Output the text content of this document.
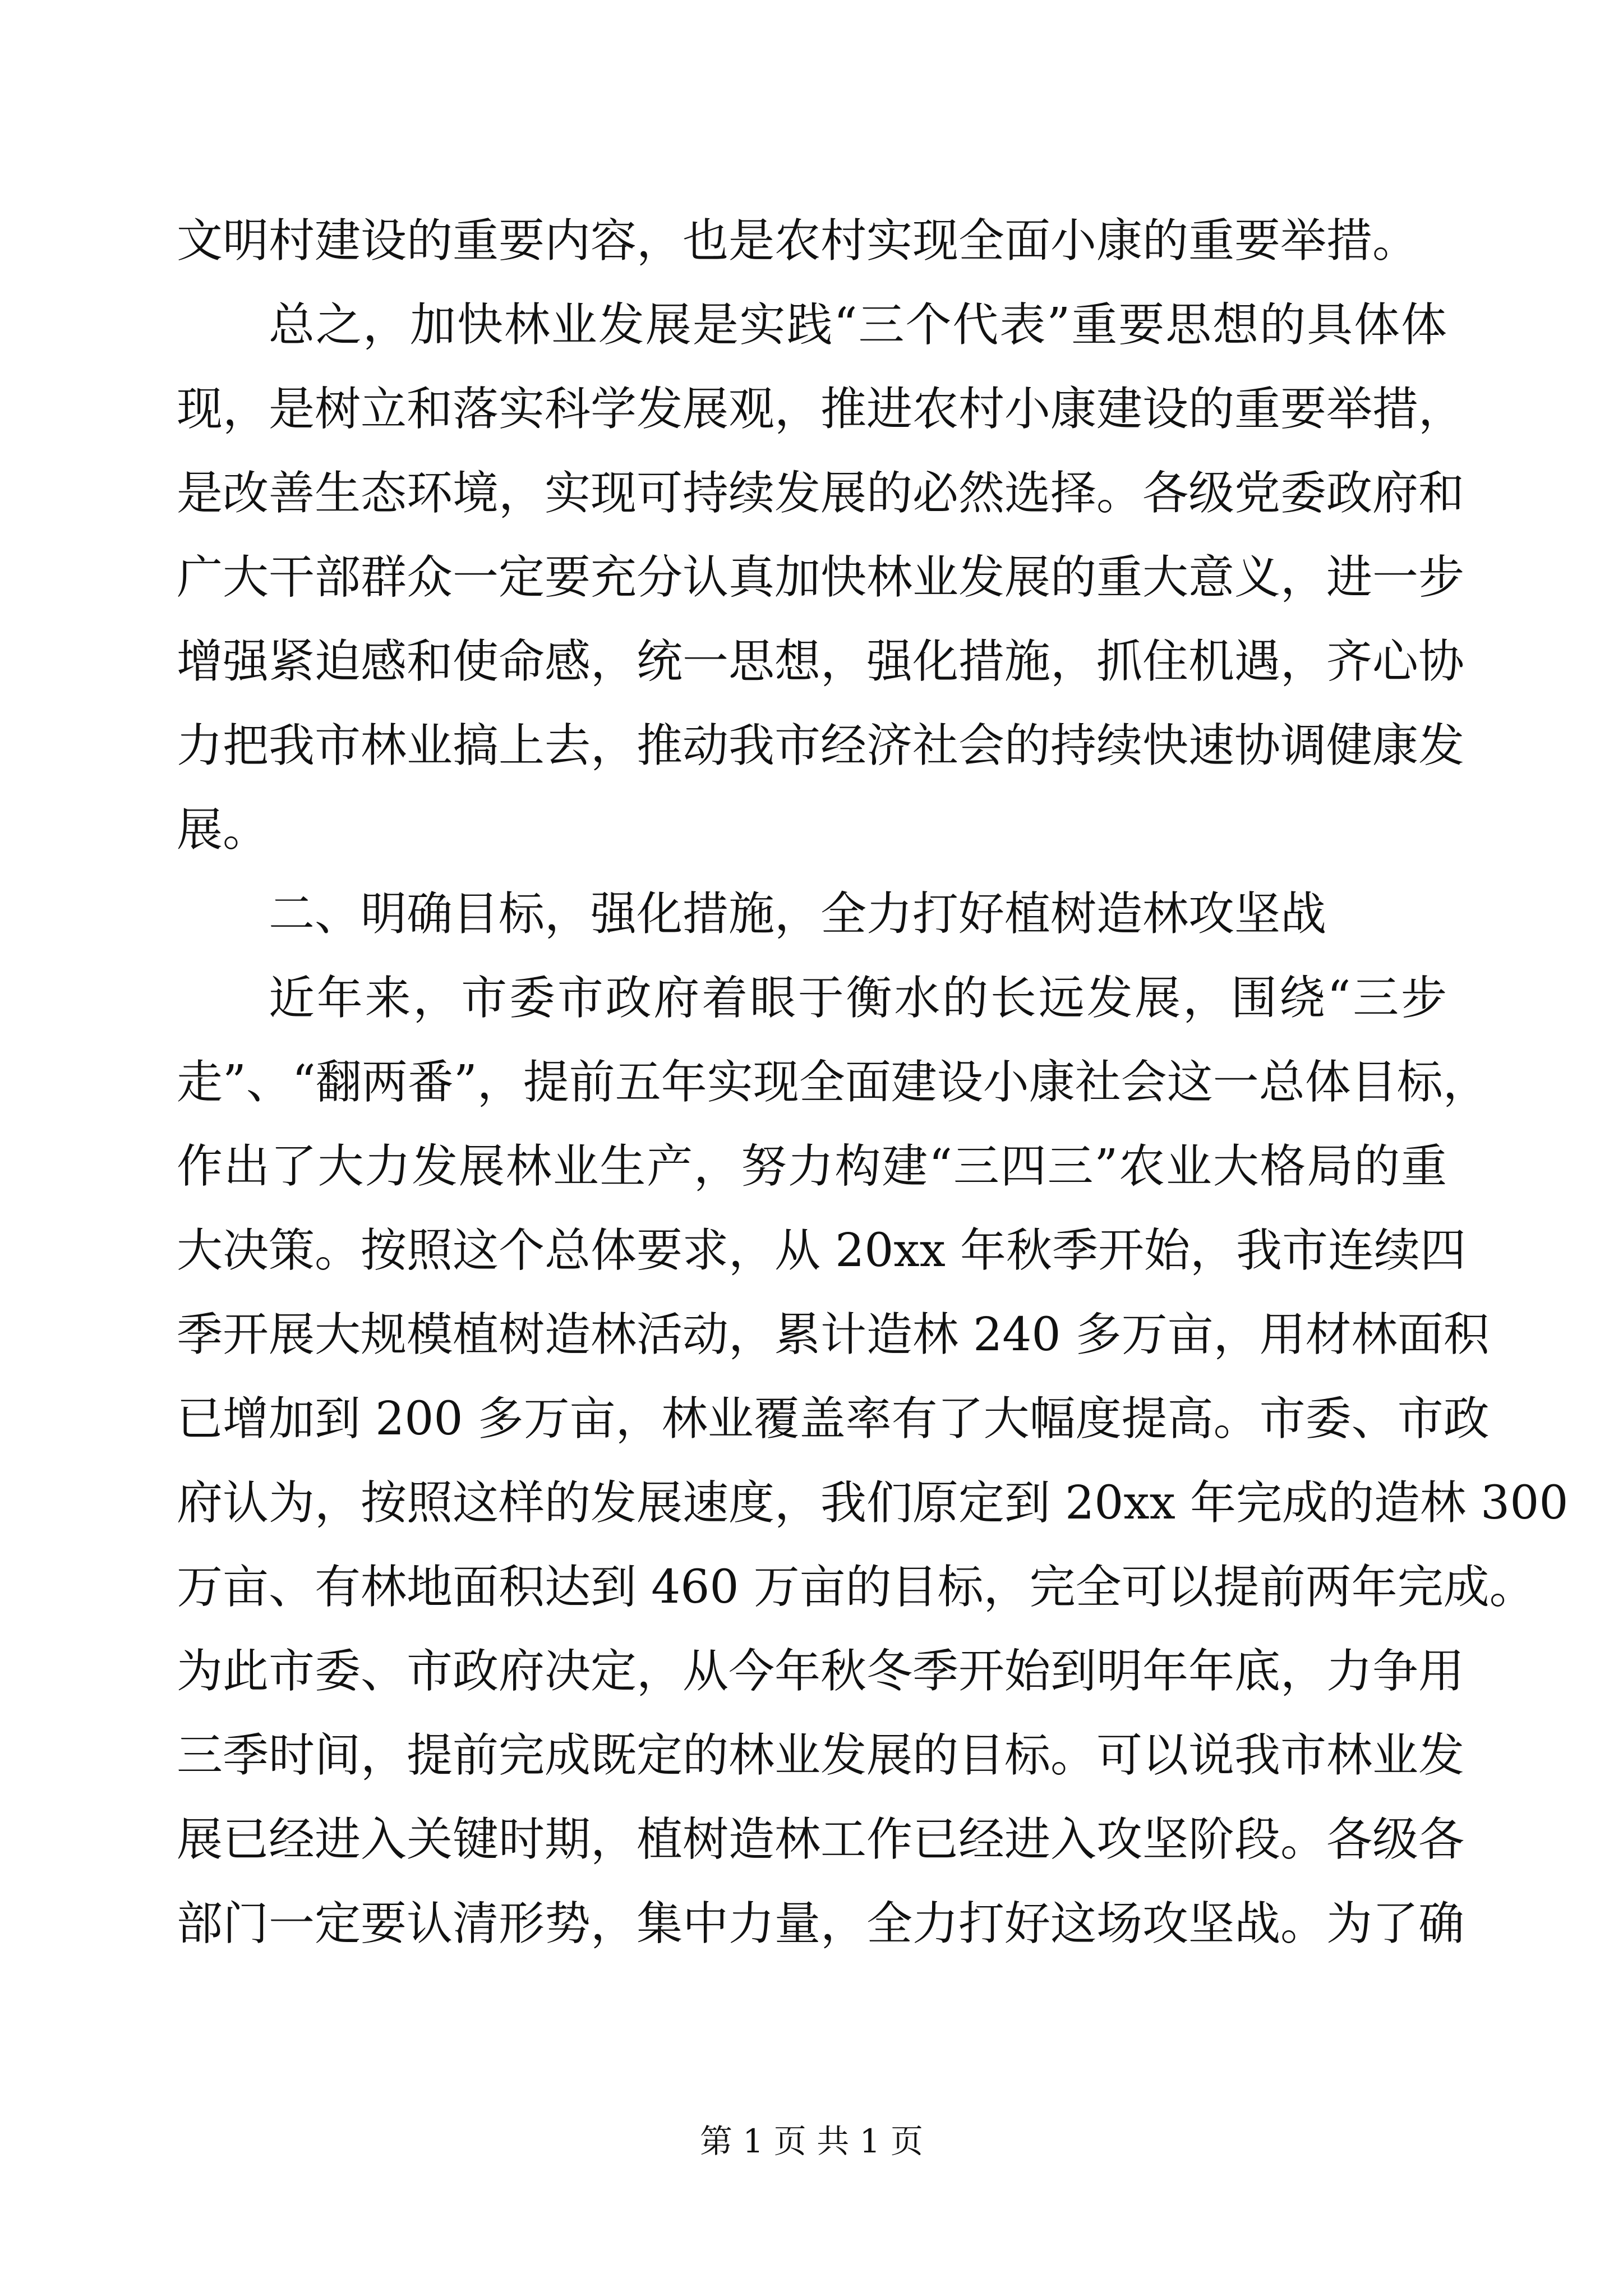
文明村建设的重要内容，也是农村实现全面小康的重要举措。
总之，加快林业发展是实践“三个代表”重要思想的具体体
现，是树立和落实科学发展观，推进农村小康建设的重要举措，
是改善生态环境，实现可持续发展的必然选择。各级党委政府和
广大干部群众一定要充分认真加快林业发展的重大意义，进一步
增强紧迫感和使命感，统一思想，强化措施，抓住机遇，齐心协
力把我市林业搞上去，推动我市经济社会的持续快速协调健康发
展。
二、明确目标，强化措施，全力打好植树造林攻坚战
近年来，市委市政府着眼于衡水的长远发展，围绕“三步
走”、“翻两番”，提前五年实现全面建设小康社会这一总体目标，
作出了大力发展林业生产，努力构建“三四三”农业大格局的重
大决策。按照这个总体要求，从 20xx 年秋季开始，我市连续四
季开展大规模植树造林活动，累计造林 240 多万亩，用材林面积
已增加到 200 多万亩，林业覆盖率有了大幅度提高。市委、市政
府认为，按照这样的发展速度，我们原定到 20xx 年完成的造林 300
万亩、有林地面积达到 460 万亩的目标，完全可以提前两年完成。
为此市委、市政府决定，从今年秋冬季开始到明年年底，力争用
三季时间，提前完成既定的林业发展的目标。可以说我市林业发
展已经进入关键时期，植树造林工作已经进入攻坚阶段。各级各
部门一定要认清形势，集中力量，全力打好这场攻坚战。为了确
第 1 页 共 1 页
